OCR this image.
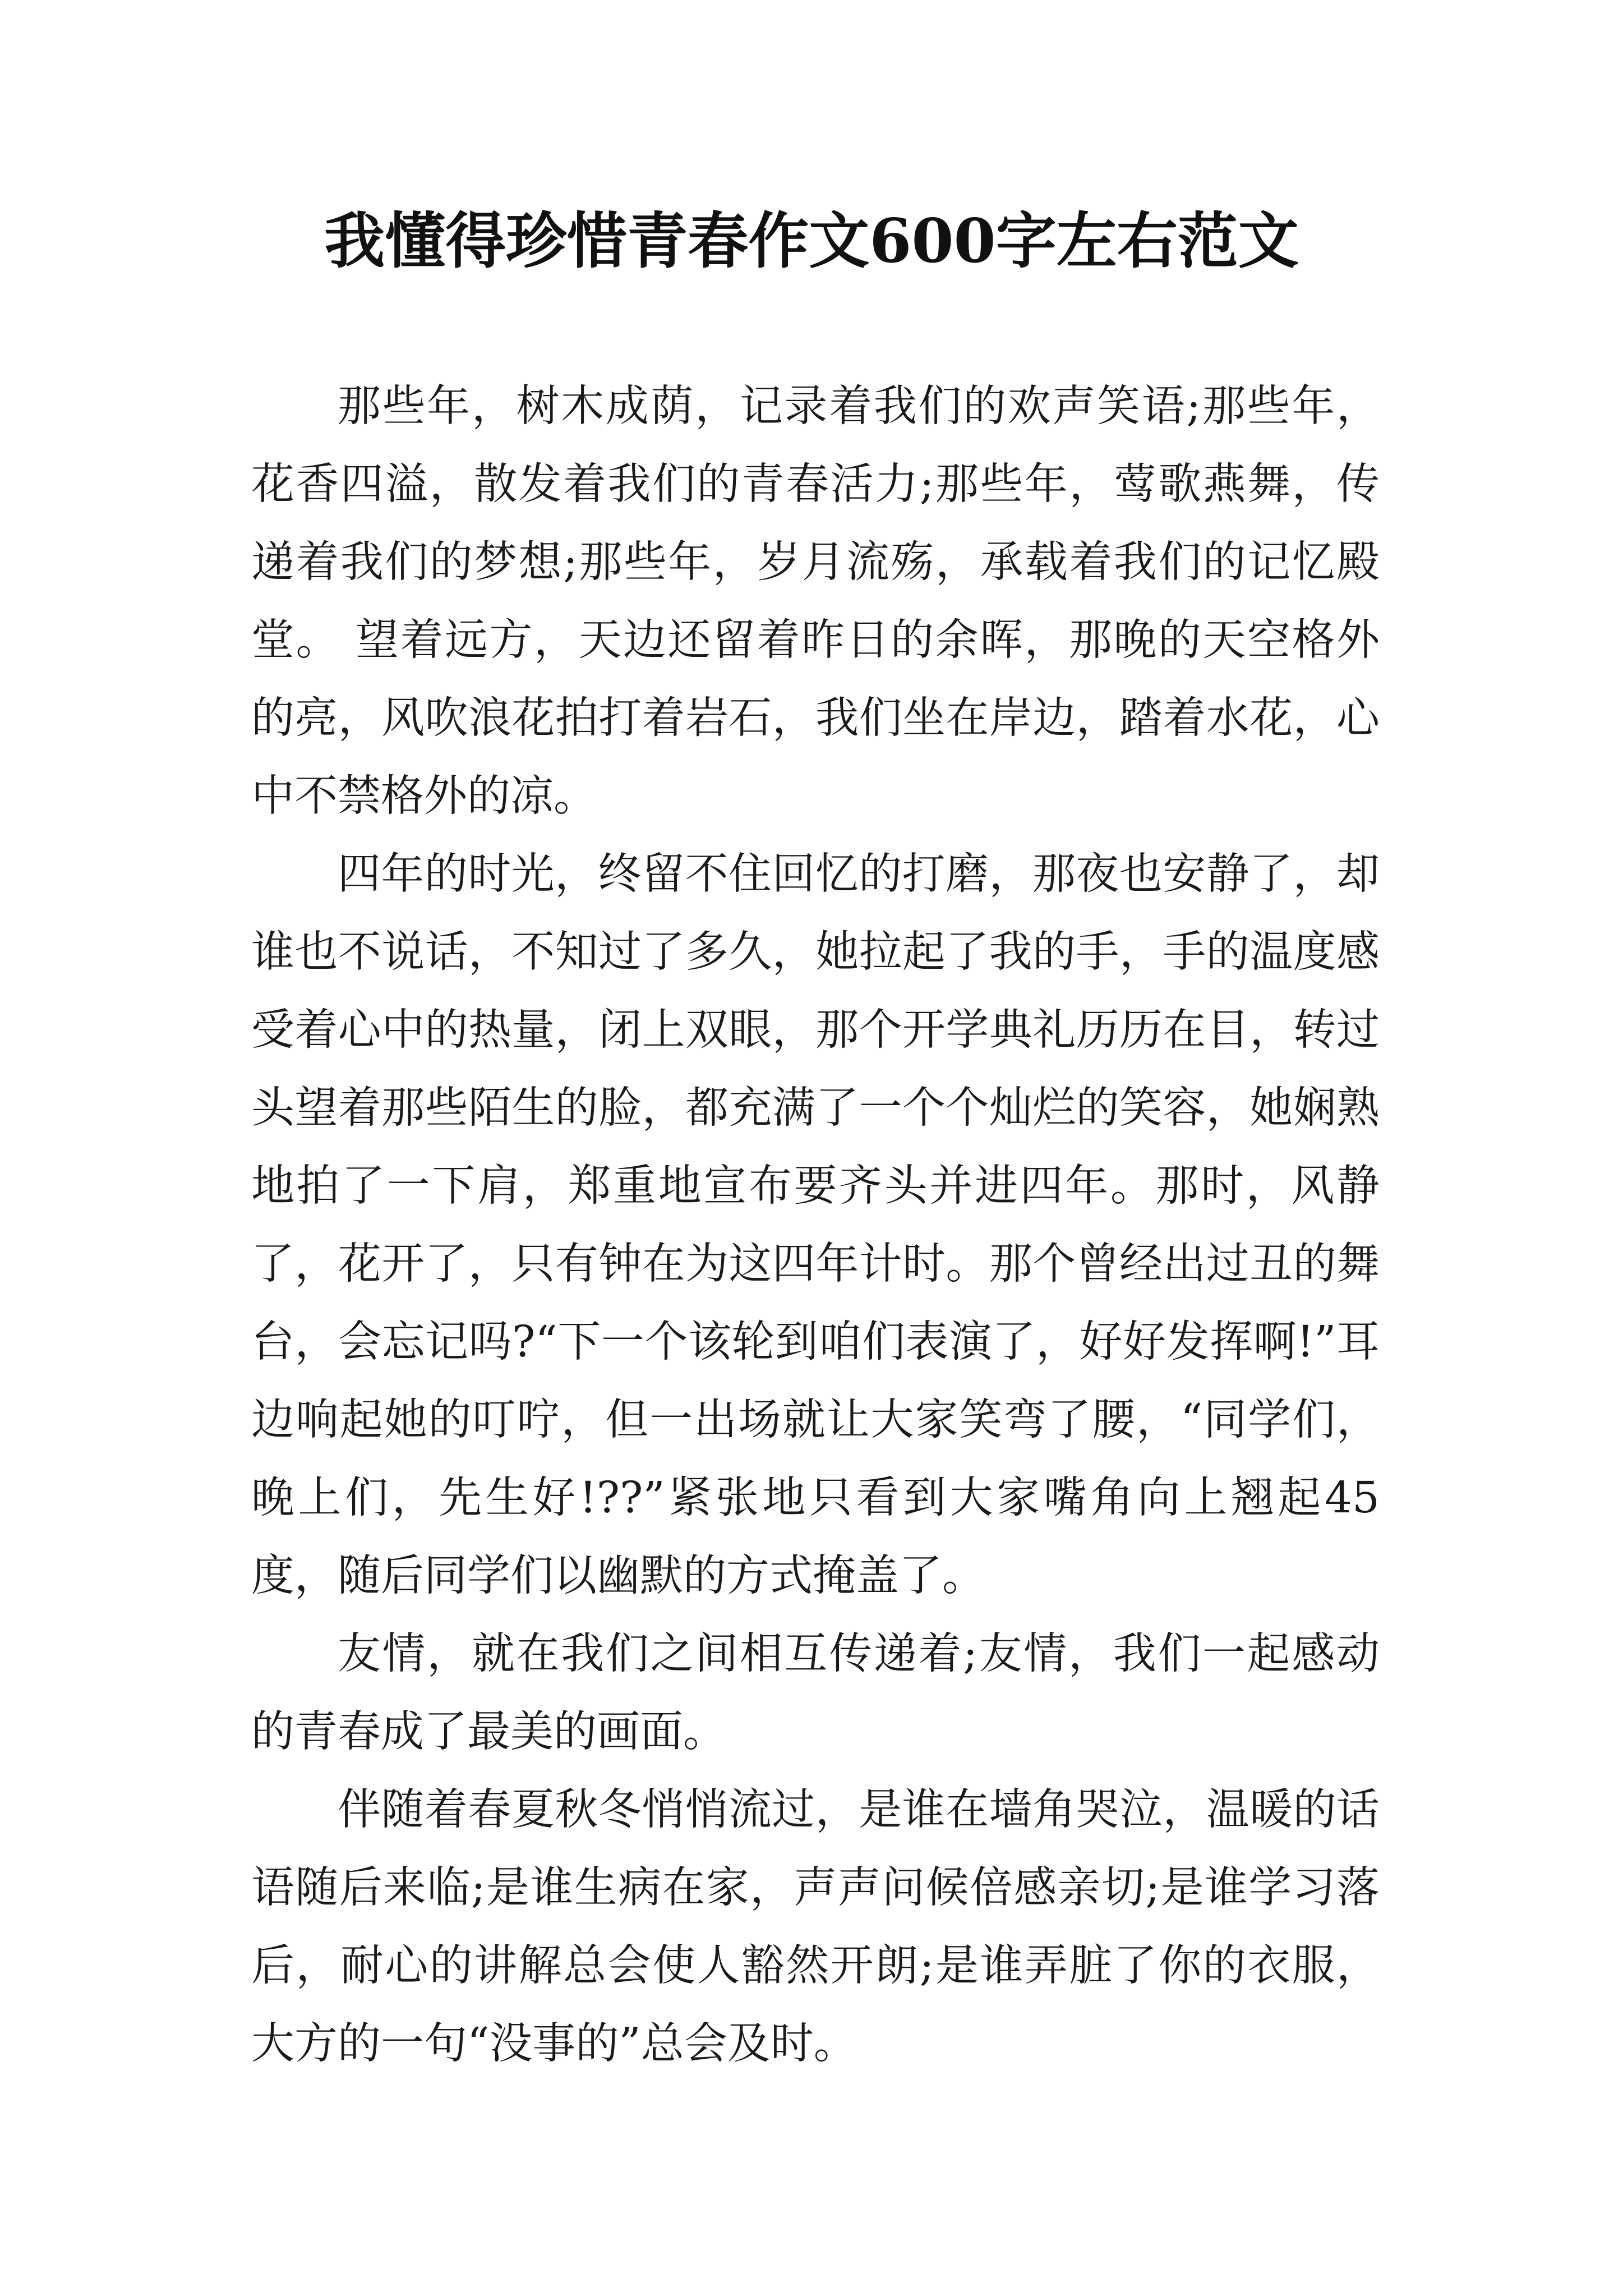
我懂得珍惜青春作文600字左右范文

那些年，树木成荫，记录着我们的欢声笑语;那些年，花香四溢，散发着我们的青春活力;那些年，莺歌燕舞，传递着我们的梦想;那些年，岁月流殇，承载着我们的记忆殿堂。 望着远方，天边还留着昨日的余晖，那晚的天空格外的亮，风吹浪花拍打着岩石，我们坐在岸边，踏着水花，心中不禁格外的凉。

四年的时光，终留不住回忆的打磨，那夜也安静了，却谁也不说话，不知过了多久，她拉起了我的手，手的温度感受着心中的热量，闭上双眼，那个开学典礼历历在目，转过头望着那些陌生的脸，都充满了一个个灿烂的笑容，她娴熟地拍了一下肩，郑重地宣布要齐头并进四年。那时，风静了，花开了，只有钟在为这四年计时。那个曾经出过丑的舞台，会忘记吗?“下一个该轮到咱们表演了，好好发挥啊!”耳边响起她的叮咛，但一出场就让大家笑弯了腰，“同学们，晚上们，先生好!??”紧张地只看到大家嘴角向上翘起45度，随后同学们以幽默的方式掩盖了。

友情，就在我们之间相互传递着;友情，我们一起感动的青春成了最美的画面。

伴随着春夏秋冬悄悄流过，是谁在墙角哭泣，温暖的话语随后来临;是谁生病在家，声声问候倍感亲切;是谁学习落后，耐心的讲解总会使人豁然开朗;是谁弄脏了你的衣服，大方的一句“没事的”总会及时。
